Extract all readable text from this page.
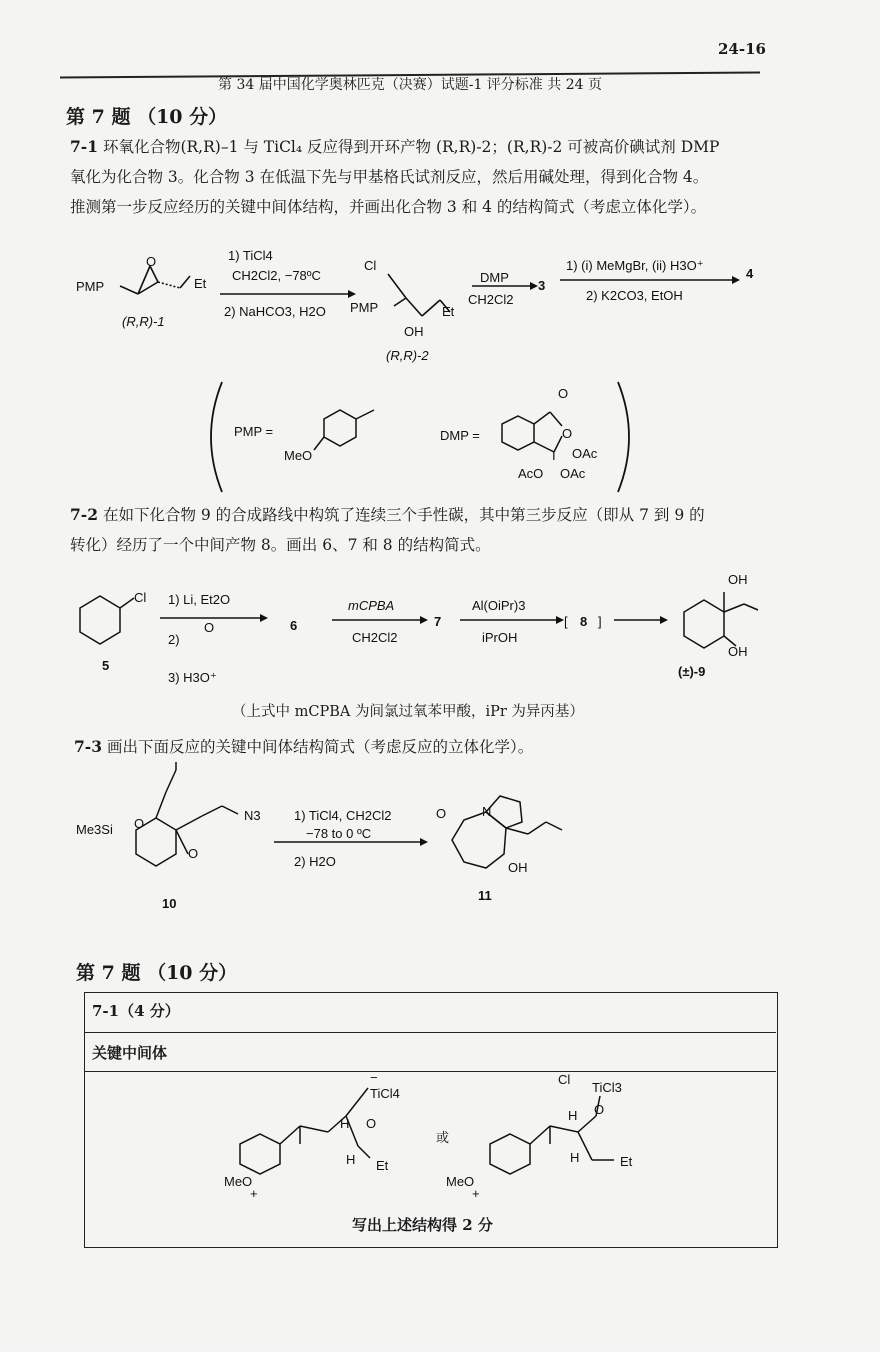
24-16
第 34 届中国化学奥林匹克（决赛）试题-1 评分标准 共 24 页
第 7 题 （10 分）
7-1 环氧化合物(R,R)–1 与 TiCl₄ 反应得到开环产物 (R,R)-2；(R,R)-2 可被高价碘试剂 DMP
氧化为化合物 3。化合物 3 在低温下先与甲基格氏试剂反应，然后用碱处理，得到化合物 4。
推测第一步反应经历的关键中间体结构，并画出化合物 3 和 4 的结构简式（考虑立体化学）。
PMP
O
Et
(R,R)-1
1) TiCl4
CH2Cl2, −78ºC
2) NaHCO3, H2O
Cl
PMP
OH
Et
(R,R)-2
DMP
CH2Cl2
3
1) (i) MeMgBr, (ii) H3O⁺
2) K2CO3, EtOH
4
PMP =
MeO
DMP =
O
O
I OAc
OAc
AcO
7-2 在如下化合物 9 的合成路线中构筑了连续三个手性碳，其中第三步反应（即从 7 到 9 的
转化）经历了一个中间产物 8。画出 6、7 和 8 的结构简式。
Cl
5
1) Li, Et2O
2)
O
3) H3O⁺
6
mCPBA
CH2Cl2
7
Al(OiPr)3
iPrOH
[ 8 ]
OH
OH
(±)-9
（上式中 mCPBA 为间氯过氧苯甲酸，iPr 为异丙基）
7-3 画出下面反应的关键中间体结构简式（考虑反应的立体化学）。
Me3Si O
N3
O
10
1) TiCl4, CH2Cl2
−78 to 0 ºC
2) H2O
O	N
OH
11
第 7 题 （10 分）
7-1（4 分）
关键中间体
−
TiCl4
O
H
H Et
MeO
+
或
Cl
TiCl3
O
H
H	Et
MeO
+
写出上述结构得 2 分
